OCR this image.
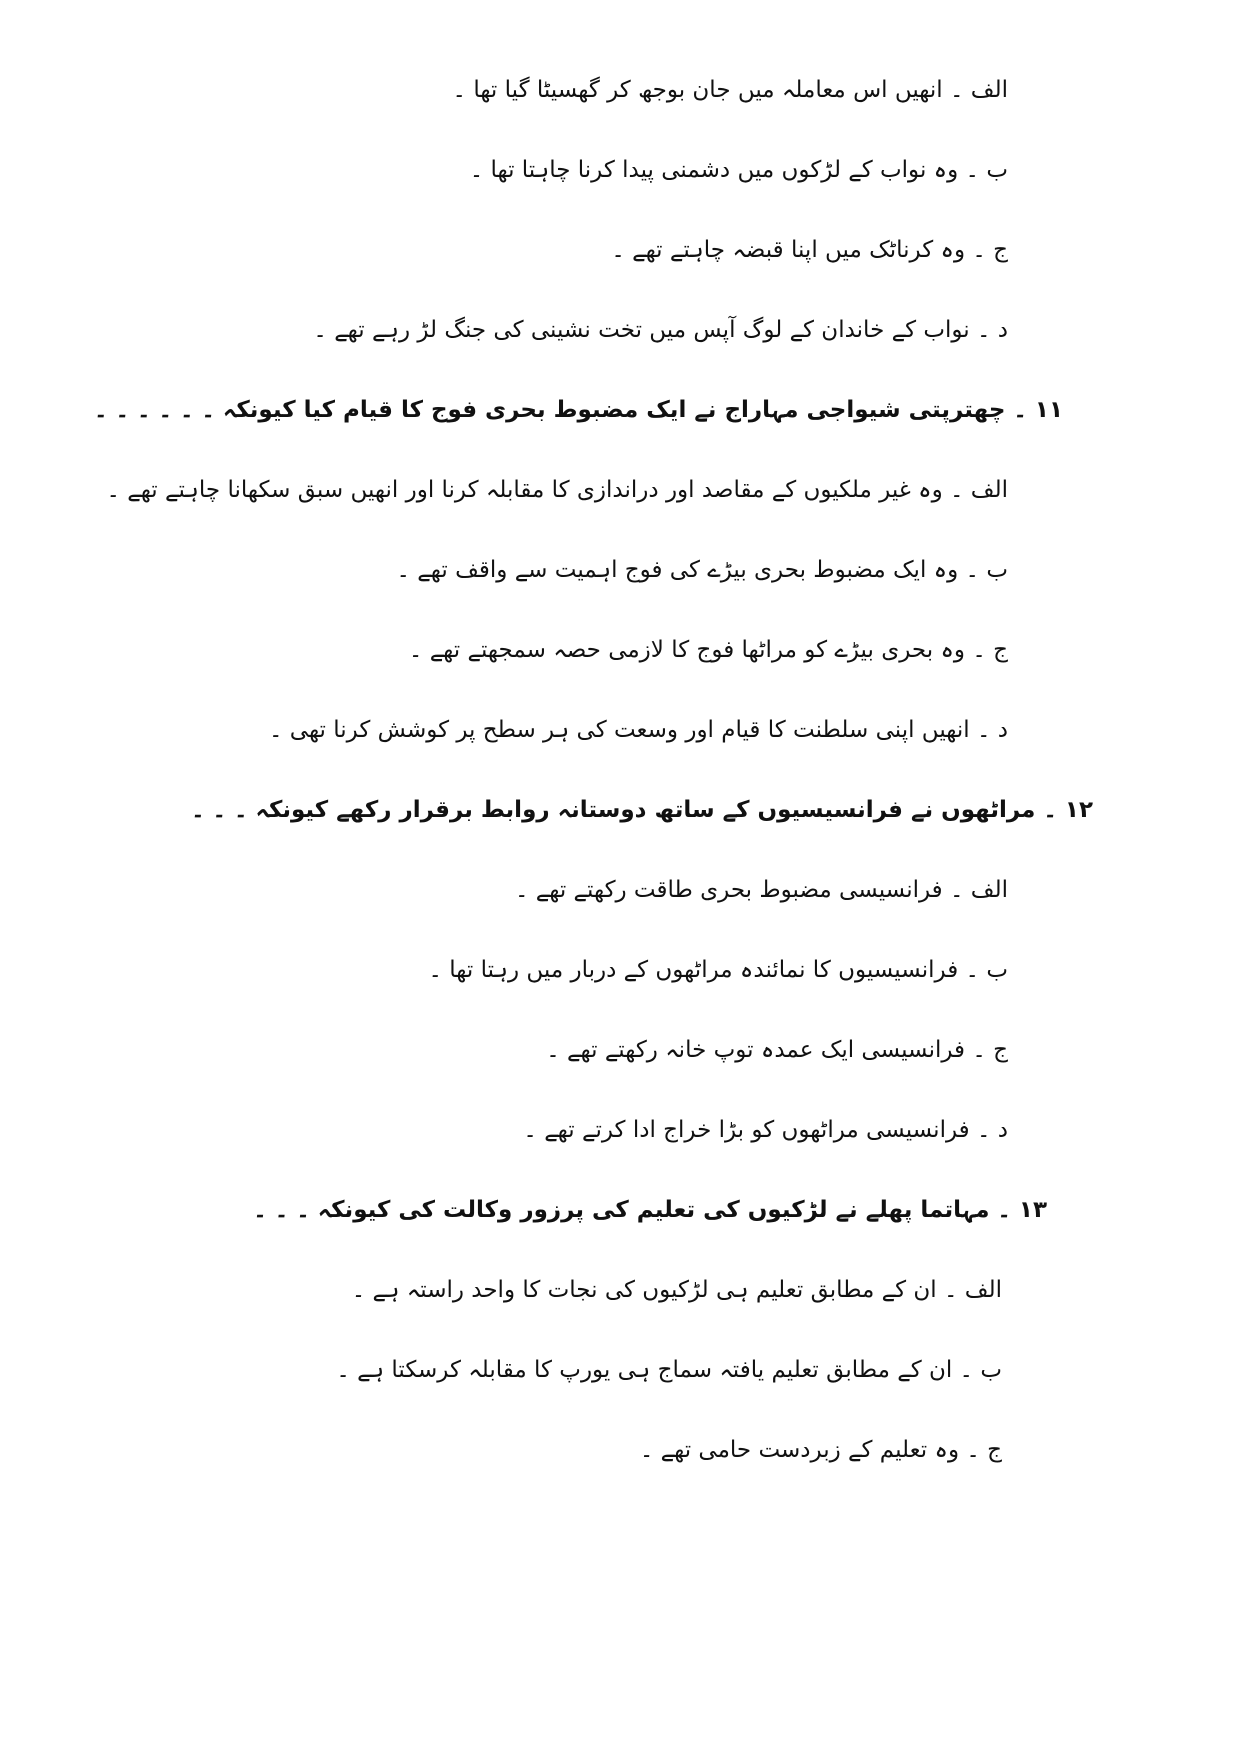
الف ۔ انھیں اس معاملہ میں جان بوجھ کر گھسیٹا گیا تھا ۔
ب ۔ وہ نواب کے لڑکوں میں دشمنی پیدا کرنا چاہتا تھا ۔
ج ۔ وہ کرناٹک میں اپنا قبضہ چاہتے تھے ۔
د ۔ نواب کے خاندان کے لوگ آپس میں تخت نشینی کی جنگ لڑ رہے تھے ۔
۱۱ ۔ چھترپتی شیواجی مہاراج نے ایک مضبوط بحری فوج کا قیام کیا کیونکہ ۔ ۔ ۔ ۔ ۔ ۔
الف ۔ وہ غیر ملکیوں کے مقاصد اور دراندازی کا مقابلہ کرنا اور انھیں سبق سکھانا چاہتے تھے ۔
ب ۔ وہ ایک مضبوط بحری بیڑے کی فوج اہمیت سے واقف تھے ۔
ج ۔ وہ بحری بیڑے کو مراٹھا فوج کا لازمی حصہ سمجھتے تھے ۔
د ۔ انھیں اپنی سلطنت کا قیام اور وسعت کی ہر سطح پر کوشش کرنا تھی ۔
۱۲ ۔ مراٹھوں نے فرانسیسیوں کے ساتھ دوستانہ روابط برقرار رکھے کیونکہ ۔ ۔ ۔
الف ۔ فرانسیسی مضبوط بحری طاقت رکھتے تھے ۔
ب ۔ فرانسیسیوں کا نمائندہ مراٹھوں کے دربار میں رہتا تھا ۔
ج ۔ فرانسیسی ایک عمدہ توپ خانہ رکھتے تھے ۔
د ۔ فرانسیسی مراٹھوں کو بڑا خراج ادا کرتے تھے ۔
۱۳ ۔ مہاتما پھلے نے لڑکیوں کی تعلیم کی پرزور وکالت کی کیونکہ ۔ ۔ ۔
الف ۔ ان کے مطابق تعلیم ہی لڑکیوں کی نجات کا واحد راستہ ہے ۔
ب ۔ ان کے مطابق تعلیم یافتہ سماج ہی یورپ کا مقابلہ کرسکتا ہے ۔
ج ۔ وہ تعلیم کے زبردست حامی تھے ۔
